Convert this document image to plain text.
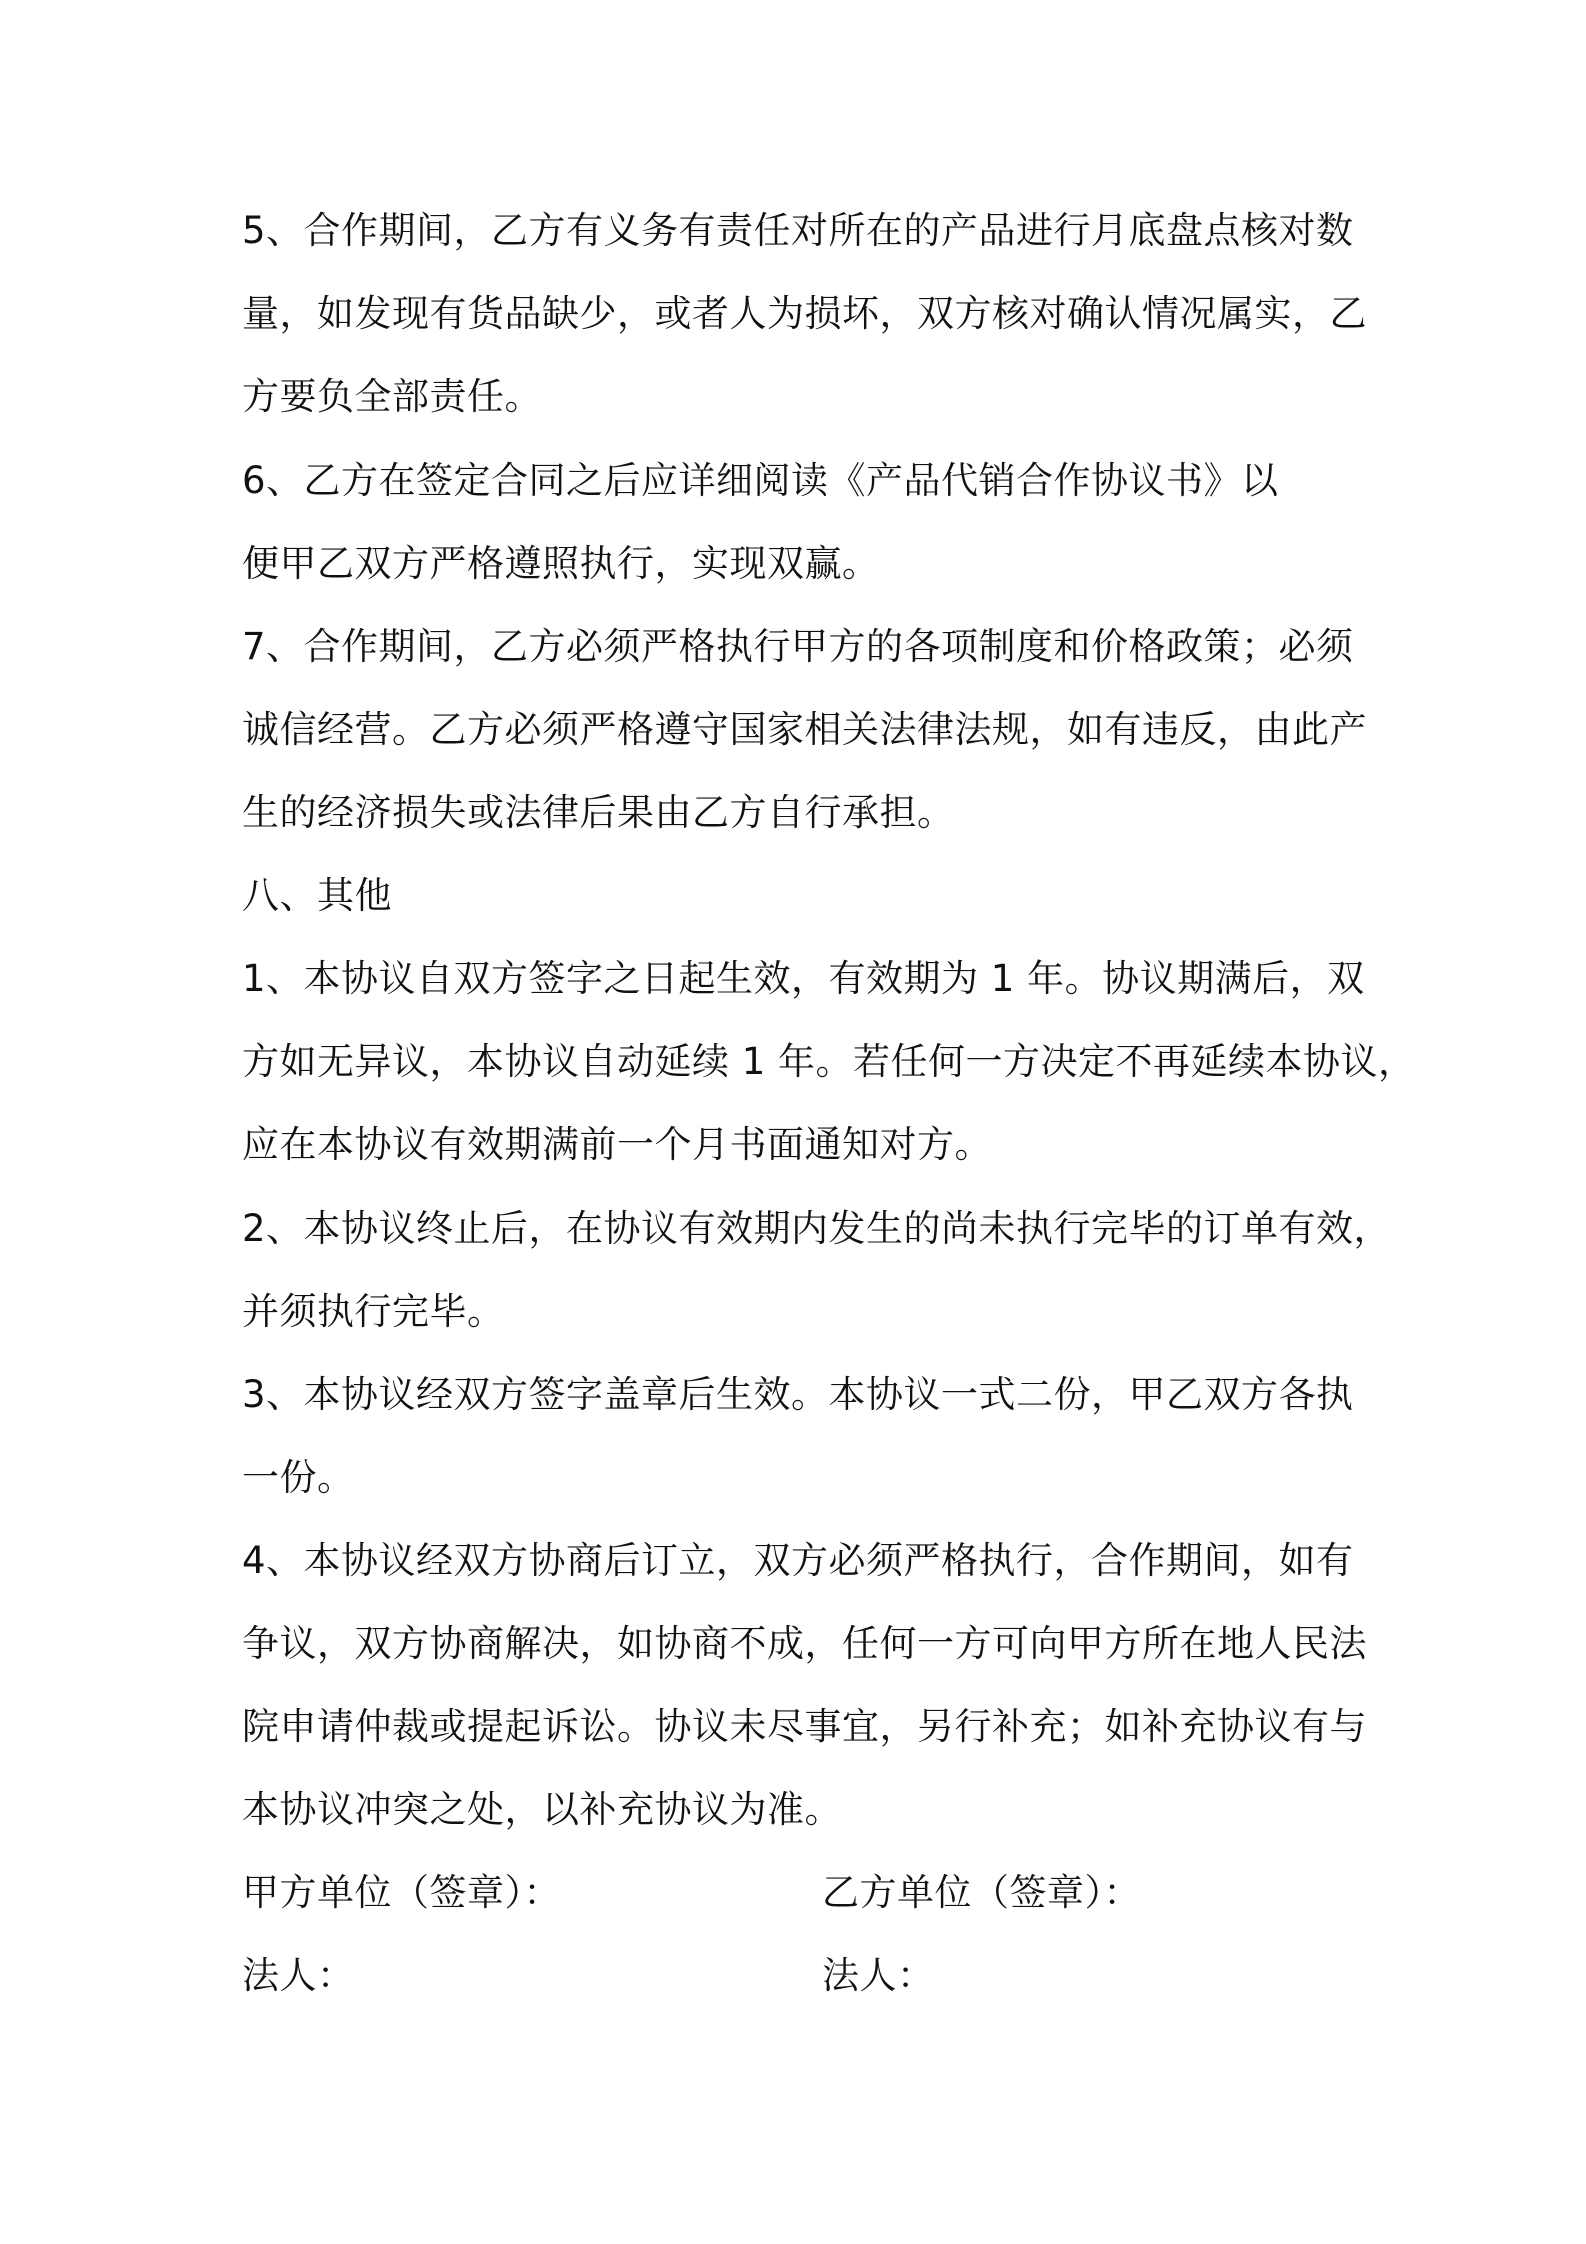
5、合作期间，乙方有义务有责任对所在的产品进行月底盘点核对数
量，如发现有货品缺少，或者人为损坏，双方核对确认情况属实，乙
方要负全部责任。
6、乙方在签定合同之后应详细阅读《产品代销合作协议书》以
便甲乙双方严格遵照执行，实现双赢。
7、合作期间，乙方必须严格执行甲方的各项制度和价格政策；必须
诚信经营。乙方必须严格遵守国家相关法律法规，如有违反，由此产
生的经济损失或法律后果由乙方自行承担。
八、其他
1、本协议自双方签字之日起生效，有效期为 1 年。协议期满后，双
方如无异议，本协议自动延续 1 年。若任何一方决定不再延续本协议，
应在本协议有效期满前一个月书面通知对方。
2、本协议终止后，在协议有效期内发生的尚未执行完毕的订单有效，
并须执行完毕。
3、本协议经双方签字盖章后生效。本协议一式二份，甲乙双方各执
一份。
4、本协议经双方协商后订立，双方必须严格执行，合作期间，如有
争议，双方协商解决，如协商不成，任何一方可向甲方所在地人民法
院申请仲裁或提起诉讼。协议未尽事宜，另行补充；如补充协议有与
本协议冲突之处，以补充协议为准。
甲方单位（签章）：	乙方单位（签章）：
法人：	法人：
